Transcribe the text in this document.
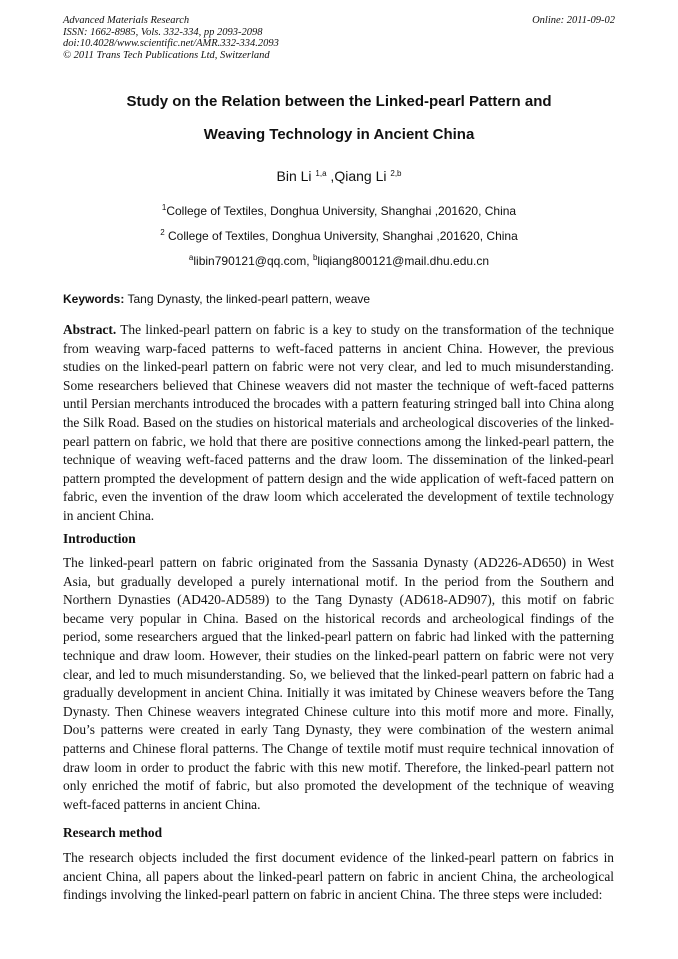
Advanced Materials Research
ISSN: 1662-8985, Vols. 332-334, pp 2093-2098
doi:10.4028/www.scientific.net/AMR.332-334.2093
© 2011 Trans Tech Publications Ltd, Switzerland
Online: 2011-09-02
Study on the Relation between the Linked-pearl Pattern and
Weaving Technology in Ancient China
Bin Li $^{1,a}$ ,Qiang Li $^{2,b}$
$^1$College of Textiles, Donghua University, Shanghai ,201620, China
$^2$ College of Textiles, Donghua University, Shanghai ,201620, China
$^a$libin790121@qq.com, $^b$liqiang800121@mail.dhu.edu.cn
Keywords: Tang Dynasty, the linked-pearl pattern, weave
Abstract. The linked-pearl pattern on fabric is a key to study on the transformation of the technique from weaving warp-faced patterns to weft-faced patterns in ancient China. However, the previous studies on the linked-pearl pattern on fabric were not very clear, and led to much misunderstanding. Some researchers believed that Chinese weavers did not master the technique of weft-faced patterns until Persian merchants introduced the brocades with a pattern featuring stringed ball into China along the Silk Road. Based on the studies on historical materials and archeological discoveries of the linked-pearl pattern on fabric, we hold that there are positive connections among the linked-pearl pattern, the technique of weaving weft-faced patterns and the draw loom. The dissemination of the linked-pearl pattern prompted the development of pattern design and the wide application of weft-faced pattern on fabric, even the invention of the draw loom which accelerated the development of textile technology in ancient China.
Introduction
The linked-pearl pattern on fabric originated from the Sassania Dynasty (AD226-AD650) in West Asia, but gradually developed a purely international motif. In the period from the Southern and Northern Dynasties (AD420-AD589) to the Tang Dynasty (AD618-AD907), this motif on fabric became very popular in China. Based on the historical records and archeological findings of the period, some researchers argued that the linked-pearl pattern on fabric had linked with the patterning technique and draw loom. However, their studies on the linked-pearl pattern on fabric were not very clear, and led to much misunderstanding. So, we believed that the linked-pearl pattern on fabric had a gradually development in ancient China. Initially it was imitated by Chinese weavers before the Tang Dynasty. Then Chinese weavers integrated Chinese culture into this motif more and more. Finally, Dou’s patterns were created in early Tang Dynasty, they were combination of the western animal patterns and Chinese floral patterns. The Change of textile motif must require technical innovation of draw loom in order to product the fabric with this new motif. Therefore, the linked-pearl pattern not only enriched the motif of fabric, but also promoted the development of the technique of weaving weft-faced patterns in ancient China.
Research method
The research objects included the first document evidence of the linked-pearl pattern on fabrics in ancient China, all papers about the linked-pearl pattern on fabric in ancient China, the archeological findings involving the linked-pearl pattern on fabric in ancient China. The three steps were included:
